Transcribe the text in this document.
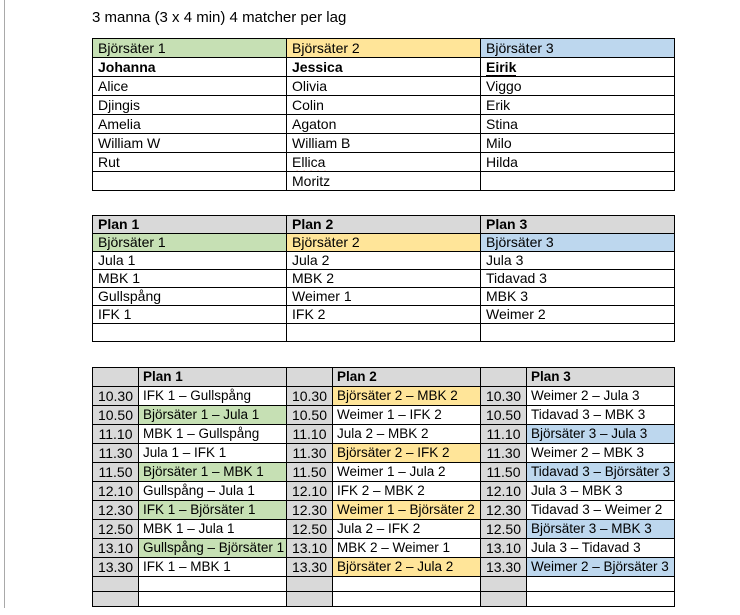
3 manna (3 x 4 min) 4 matcher per lag
Björsäter 1	Björsäter 2	Björsäter 3
Johanna	Jessica	Eirik
Alice	Olivia	Viggo
Djingis	Colin	Erik
Amelia	Agaton	Stina
William W	William B	Milo
Rut	Ellica	Hilda
	Moritz	
Plan 1	Plan 2	Plan 3
Björsäter 1	Björsäter 2	Björsäter 3
Jula 1	Jula 2	Jula 3
MBK 1	MBK 2	Tidavad 3
Gullspång	Weimer 1	MBK 3
IFK 1	IFK 2	Weimer 2

	Plan 1		Plan 2		Plan 3
10.30	IFK 1 – Gullspång	10.30	Björsäter 2 – MBK 2	10.30	Weimer 2 – Jula 3
10.50	Björsäter 1 – Jula 1	10.50	Weimer 1 – IFK 2	10.50	Tidavad 3 – MBK 3
11.10	MBK 1 – Gullspång	11.10	Jula 2 – MBK 2	11.10	Björsäter 3 – Jula 3
11.30	Jula 1 – IFK 1	11.30	Björsäter 2 – IFK 2	11.30	Weimer 2 – MBK 3
11.50	Björsäter 1 – MBK 1	11.50	Weimer 1 – Jula 2	11.50	Tidavad 3 – Björsäter 3
12.10	Gullspång – Jula 1	12.10	IFK 2 – MBK 2	12.10	Jula 3 – MBK 3
12.30	IFK 1 – Björsäter 1	12.30	Weimer 1 – Björsäter 2	12.30	Tidavad 3 – Weimer 2
12.50	MBK 1 – Jula 1	12.50	Jula 2 – IFK 2	12.50	Björsäter 3 – MBK 3
13.10	Gullspång – Björsäter 1	13.10	MBK 2 – Weimer 1	13.10	Jula 3 – Tidavad 3
13.30	IFK 1 – MBK 1	13.30	Björsäter 2 – Jula 2	13.30	Weimer 2 – Björsäter 3
